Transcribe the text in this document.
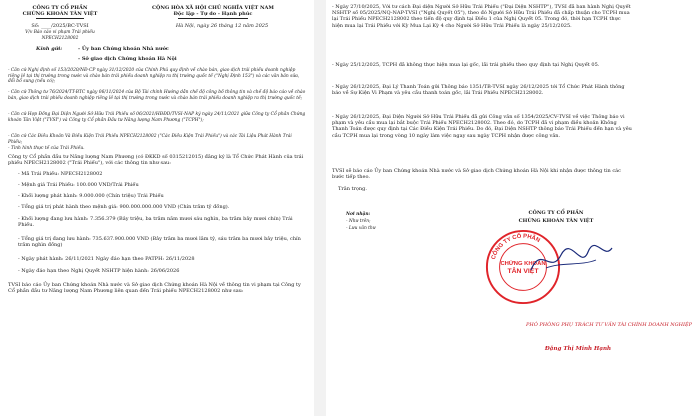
CÔNG TY CỔ PHẦN
CHỨNG KHOÁN TÂN VIỆT
Số: ____/2025/BC-TVSI
V/v Báo cáo vi phạm Trái phiếu
NPECH2128002
CỘNG HÒA XÃ HỘI CHỦ NGHĨA VIỆT NAM
Độc lập - Tự do - Hạnh phúc
Hà Nội, ngày 26 tháng 12 năm 2025
Kính gửi:	- Ủy ban Chứng khoán Nhà nước
- Sở giao dịch Chứng khoán Hà Nội
- Căn cứ Nghị định số 153/2020/NĐ-CP ngày 31/12/2020 của Chính Phủ quy định về chào bán, giao dịch trái phiếu doanh nghiệp riêng lẻ tại thị trường trong nước và chào bán trái phiếu doanh nghiệp ra thị trường quốc tế ("Nghị Định 153") và các văn bản sửa, đổi bổ sung (nếu có);
- Căn cứ Thông tư 76/2024/TT-BTC ngày 06/11/2024 của Bộ Tài chính Hướng dẫn chế độ công bố thông tin và chế độ báo cáo về chào bán, giao dịch trái phiếu doanh nghiệp riêng lẻ tại thị trường trong nước và chào bán trái phiếu doanh nghiệp ra thị trường quốc tế;
- Căn cứ Hợp Đồng Đại Diện Người Sở Hữu Trái Phiếu số 06/2021/HĐĐD/TVSI-NAP ký ngày 24/11/2021 giữa Công ty Cổ phần Chứng khoán Tân Việt ("TVSI") và Công ty Cổ phần Đầu tư Năng lượng Nam Phương ("TCPH");
- Căn cứ Các Điều Khoản Và Điều Kiện Trái Phiếu NPECH2128002 ("Các Điều Kiện Trái Phiếu") và các Tài Liệu Phát Hành Trái Phiếu;
- Tình hình thực tế của Trái Phiếu.
Công ty Cổ phần đầu tư Năng lượng Nam Phương (có ĐKKD số 0315212015) đăng ký là Tổ Chức Phát Hành của trái phiếu NPECH2128002 ("Trái Phiếu"), với các thông tin như sau:
- Mã Trái Phiếu: NPECH2128002
- Mệnh giá Trái Phiếu: 100.000 VND/Trái Phiếu
- Khối lượng phát hành: 9.000.000 (Chín triệu) Trái Phiếu
- Tổng giá trị phát hành theo mệnh giá: 900.000.000.000 VND (Chín trăm tỷ đồng).
- Khối lượng đang lưu hành: 7.356.379 (Bảy triệu, ba trăm năm mươi sáu nghìn, ba trăm bảy mươi chín) Trái Phiếu.
- Tổng giá trị đang lưu hành: 735.637.900.000 VND (Bảy trăm ba mươi lăm tỷ, sáu trăm ba mươi bảy triệu, chín trăm nghìn đồng)
- Ngày phát hành: 26/11/2021 Ngày đáo hạn theo PATPH: 26/11/2028
- Ngày đáo hạn theo Nghị Quyết NSHTP hiện hành: 26/06/2026
TVSI báo cáo Ủy ban Chứng khoán Nhà nước và Sở giao dịch Chứng khoán Hà Nội về thông tin vi phạm tại Công ty Cổ phần đầu tư Năng lượng Nam Phương liên quan đến Trái phiếu NPECH2128002 như sau:
- Ngày 27/10/2025, Với tư cách Đại diện Người Sở Hữu Trái Phiếu ("Đại Diện NSHTP"), TVSI đã ban hành Nghị Quyết NSHTP số 05/2025/NQ-NAP-TVSI ("Nghị Quyết 05"), theo đó Người Sở Hữu Trái Phiếu đã chấp thuận cho TCPH mua lại Trái Phiếu NPECH2128002 theo tiến độ quy định tại Điều 1 của Nghị Quyết 05. Trong đó, thời hạn TCPH thực hiện mua lại Trái Phiếu với Kỳ Mua Lại Kỳ 4 cho Người Sở Hữu Trái Phiếu là ngày 25/12/2025.
- Ngày 25/12/2025, TCPH đã không thực hiện mua lại gốc, lãi trái phiếu theo quy định tại Nghị Quyết 05.
- Ngày 26/12/2025, Đại Lý Thanh Toán gửi Thông báo 1351/TB-TVSI ngày 26/12/2025 tới Tổ Chức Phát Hành thông báo về Sự Kiện Vi Phạm và yêu cầu thanh toán gốc, lãi Trái Phiếu NPECH2128002.
- Ngày 26/12/2025, Đại Diện Người Sở Hữu Trái Phiếu đã gửi Công văn số 1354/2025/CV-TVSI về việc Thông báo vi phạm và yêu cầu mua lại bắt buộc Trái Phiếu NPECH2128002. Theo đó, do TCPH đã vi phạm điều khoản Không Thanh Toán được quy định tại Các Điều Kiện Trái Phiếu. Do đó, Đại Diện NSHTP thông báo Trái Phiếu đến hạn và yêu cầu TCPH mua lại trong vòng 10 ngày làm việc ngay sau ngày TCPH nhận được công văn.
TVSI sẽ báo cáo Ủy ban Chứng khoán Nhà nước và Sở giao dịch Chứng khoán Hà Nội khi nhận được thông tin các bước tiếp theo.
Trân trọng.
Nơi nhận:
- Như trên;
- Lưu văn thư
CÔNG TY CỔ PHẦN
CHỨNG KHOÁN TÂN VIỆT
CÔNG TY CỔ PHẦN
CHỨNG KHOÁN
TÂN VIỆT
PHÓ PHÒNG PHỤ TRÁCH TƯ VẤN TÀI CHÍNH DOANH NGHIỆP
Đặng Thị Minh Hạnh
